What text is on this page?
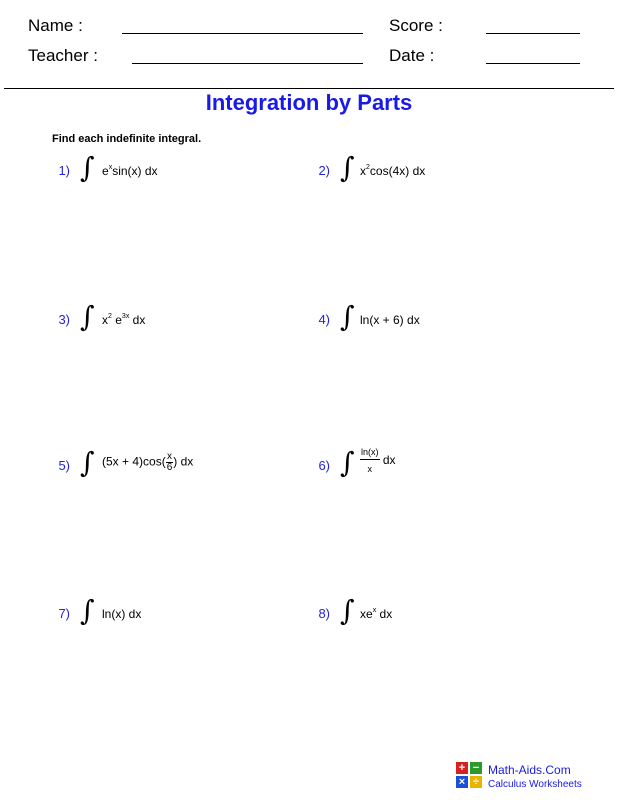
Name :	Score :
Teacher :	Date :
Integration by Parts
Find each indefinite integral.
1) ∫ $e^x\sin(x)$ dx	2) ∫ $x^2\cos(4x)$ dx
3) ∫ $x^2$ $e^{3x}$ dx	4) ∫ ln(x + 6) dx
5) ∫ $(5x + 4)\cos( \frac{x}{6}$ ) dx	6) ∫ $\frac{\ln(x)}{x}$ dx
7) ∫ ln(x) dx	8) ∫ $xe^x$ dx
+ −
× ÷
Math-Aids.Com
Calculus Worksheets
